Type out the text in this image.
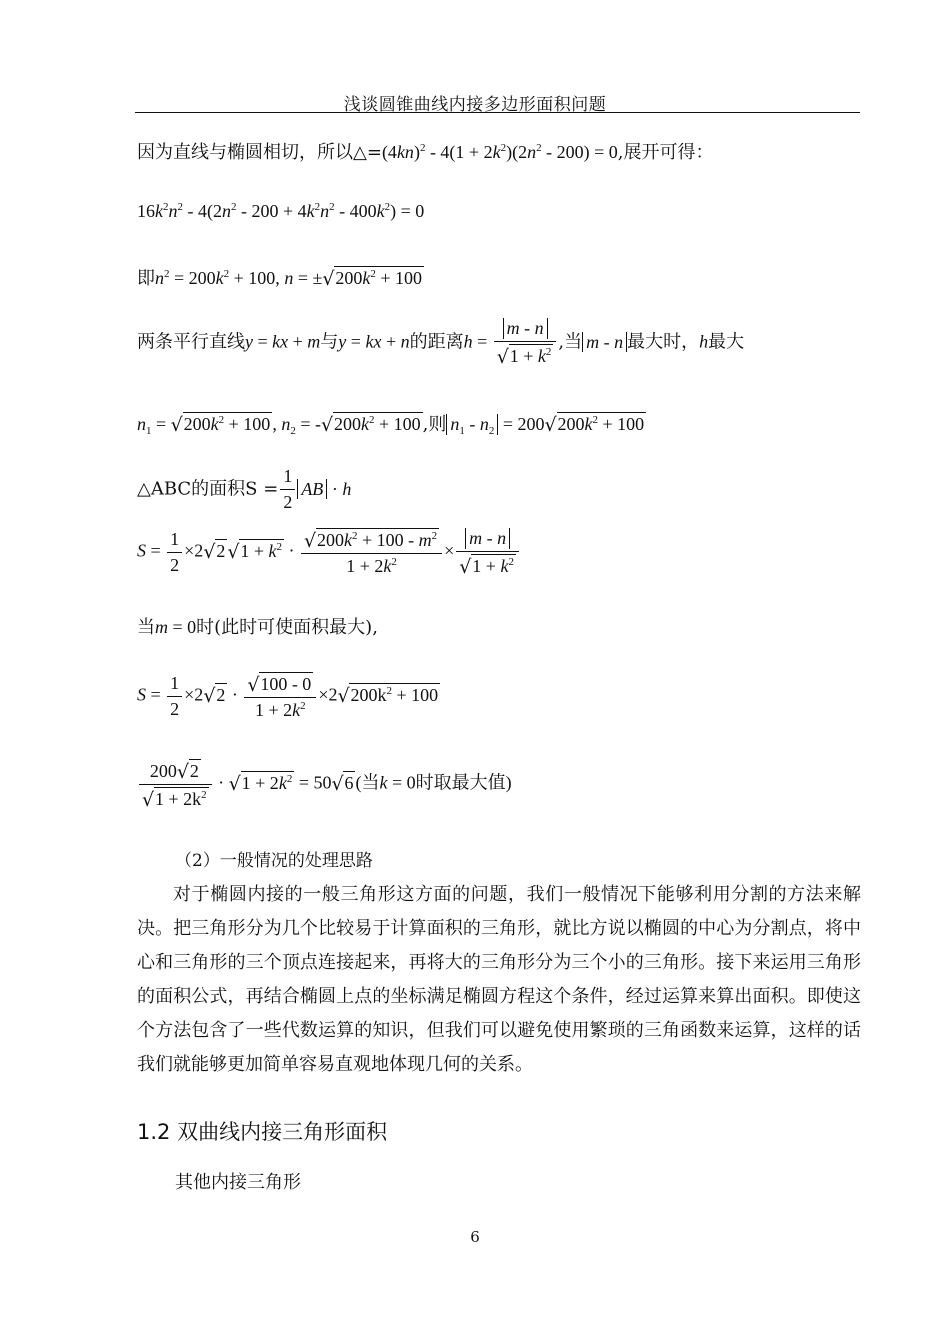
浅谈圆锥曲线内接多边形面积问题
因为直线与椭圆相切，所以$\triangle=(4kn)^2 - 4(1 + 2k^2)(2n^2 - 200) = 0$,展开可得：
$16k^2n^2 - 4(2n^2 - 200 + 4k^2n^2 - 400k^2) = 0$
即$n^2 = 200k^2 + 100$, n = ±√ $200k^2 + 100$
两条平行直线y = kx + m与y = kx + n的距离h = m - n
√ $1 + k^2$ ,当 m - n 最大时，h最大
$n_1$ = √ $200k^2 + 100$ , $n_2$ = -√ $200k^2 + 100$ ,则 $n_1 - n_2 = 200√$ $200k^2 + 100$
△ABC的面积$S = \frac{1}{2}$ AB · h
$S = \frac{1}{2} \times 2√$ 2√ $1 + k^2$ ·
√ $\frac{200k^2 + 100 - m^2}{1 + 2k^2} \times m - n$
√ $1 + k^2$
当m = 0时(此时可使面积最大),
$S = \frac{1}{2} \times 2√$ 2 ·
√ $\frac{100 - 0}{1 + 2k^2} \times 2√$ $200k^2 + 100$
200√ 2
√ $1 + 2k^2$ · √ $1 + 2k^2 = 50√$ 6 (当k = 0时取最大值)
（2）一般情况的处理思路
对于椭圆内接的一般三角形这方面的问题，我们一般情况下能够利用分割的方法来解决。把三角形分为几个比较易于计算面积的三角形，就比方说以椭圆的中心为分割点，将中心和三角形的三个顶点连接起来，再将大的三角形分为三个小的三角形。接下来运用三角形的面积公式，再结合椭圆上点的坐标满足椭圆方程这个条件，经过运算来算出面积。即使这个方法包含了一些代数运算的知识，但我们可以避免使用繁琐的三角函数来运算，这样的话我们就能够更加简单容易直观地体现几何的关系。
1.2 双曲线内接三角形面积
其他内接三角形
6
